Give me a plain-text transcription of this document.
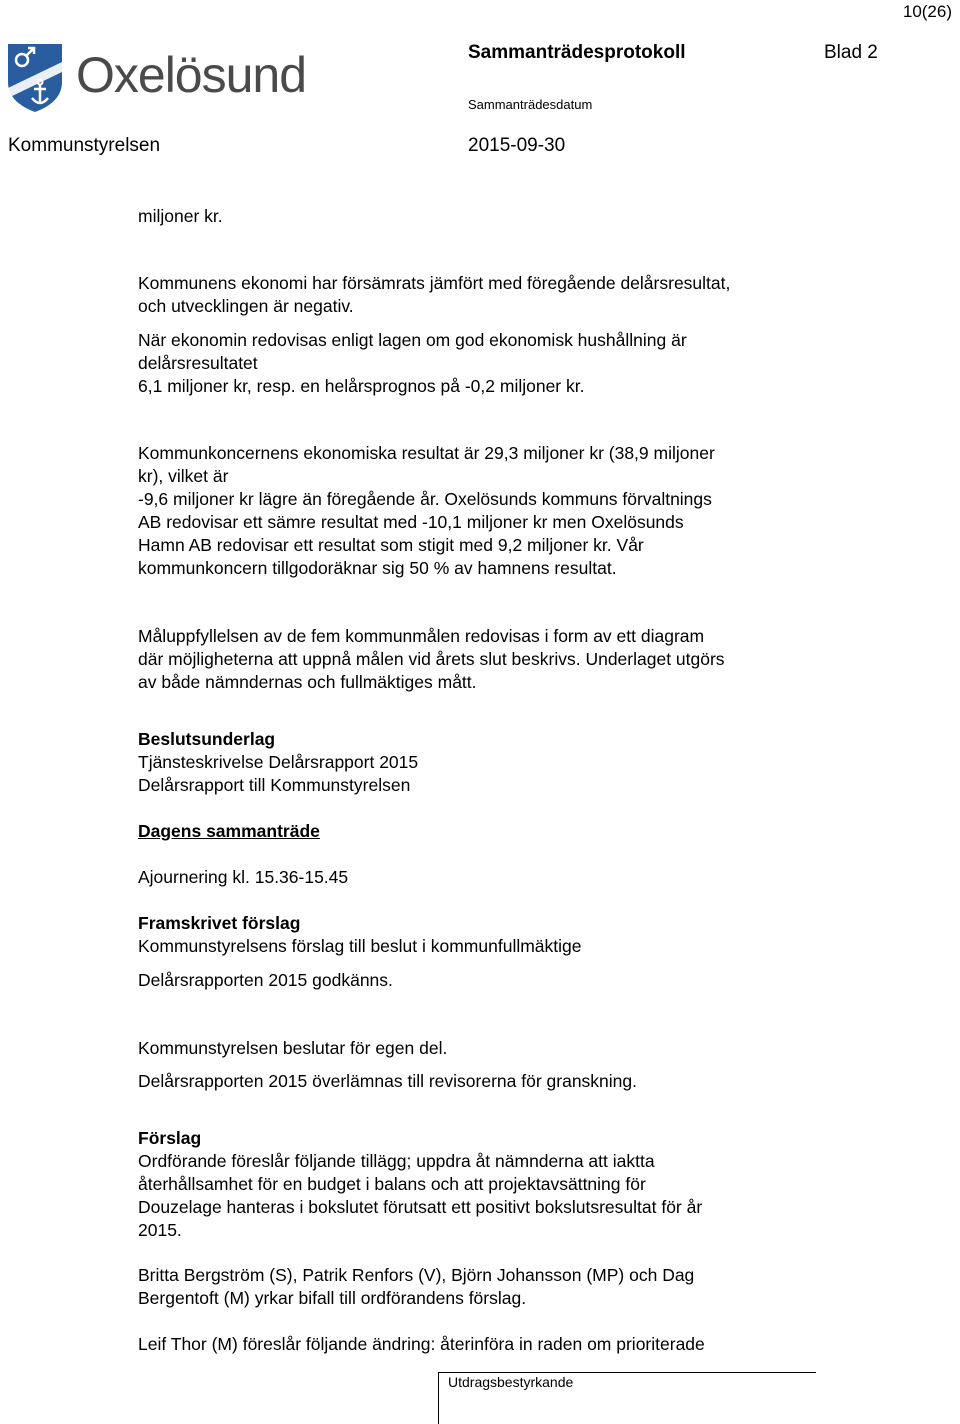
10(26)
Oxelösund	Sammanträdesprotokoll	Blad 2
Sammanträdesdatum
Kommunstyrelsen	2015-09-30
miljoner kr.
Kommunens ekonomi har försämrats jämfört med föregående delårsresultat,
och utvecklingen är negativ.
När ekonomin redovisas enligt lagen om god ekonomisk hushållning är
delårsresultatet
6,1 miljoner kr, resp. en helårsprognos på -0,2 miljoner kr.
Kommunkoncernens ekonomiska resultat är 29,3 miljoner kr (38,9 miljoner
kr), vilket är
-9,6 miljoner kr lägre än föregående år. Oxelösunds kommuns förvaltnings
AB redovisar ett sämre resultat med -10,1 miljoner kr men Oxelösunds
Hamn AB redovisar ett resultat som stigit med 9,2 miljoner kr. Vår
kommunkoncern tillgodoräknar sig 50 % av hamnens resultat.
Måluppfyllelsen av de fem kommunmålen redovisas i form av ett diagram
där möjligheterna att uppnå målen vid årets slut beskrivs. Underlaget utgörs
av både nämndernas och fullmäktiges mått.
Beslutsunderlag
Tjänsteskrivelse Delårsrapport 2015
Delårsrapport till Kommunstyrelsen
Dagens sammanträde
Ajournering kl. 15.36-15.45
Framskrivet förslag
Kommunstyrelsens förslag till beslut i kommunfullmäktige
Delårsrapporten 2015 godkänns.
Kommunstyrelsen beslutar för egen del.
Delårsrapporten 2015 överlämnas till revisorerna för granskning.
Förslag
Ordförande föreslår följande tillägg; uppdra åt nämnderna att iaktta
återhållsamhet för en budget i balans och att projektavsättning för
Douzelage hanteras i bokslutet förutsatt ett positivt bokslutsresultat för år
2015.
Britta Bergström (S), Patrik Renfors (V), Björn Johansson (MP) och Dag
Bergentoft (M) yrkar bifall till ordförandens förslag.
Leif Thor (M) föreslår följande ändring: återinföra in raden om prioriterade
Utdragsbestyrkande
